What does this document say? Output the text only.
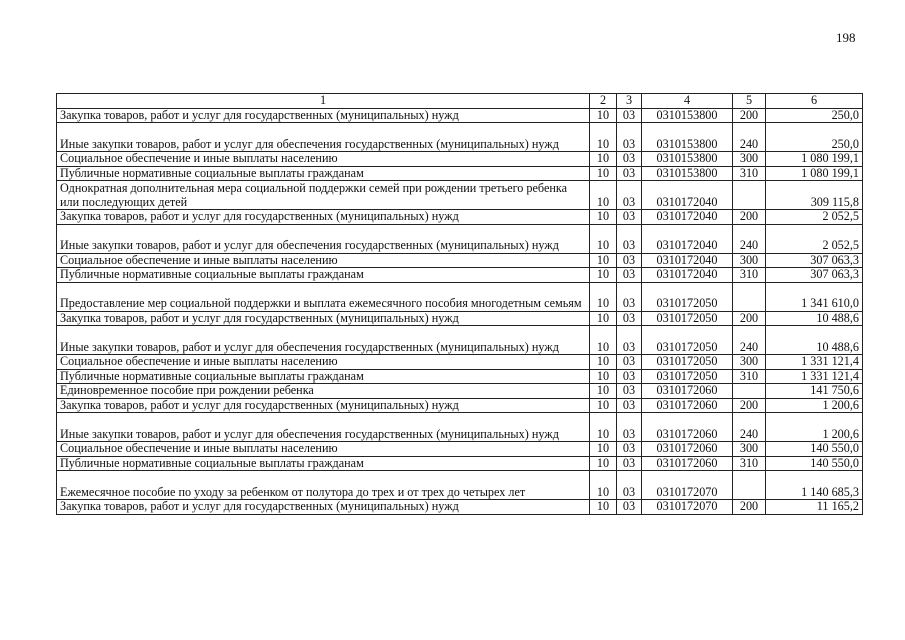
198
1	2	3	4	5	6
Закупка товаров, работ и услуг для государственных (муниципальных) нужд	10	03	0310153800	200	250,0
Иные закупки товаров, работ и услуг для обеспечения государственных (муниципальных) нужд	10	03	0310153800	240	250,0
Социальное обеспечение и иные выплаты населению	10	03	0310153800	300	1 080 199,1
Публичные нормативные социальные выплаты гражданам	10	03	0310153800	310	1 080 199,1
Однократная дополнительная мера социальной поддержки семей при рождении третьего ребенка или последующих детей	10	03	0310172040		309 115,8
Закупка товаров, работ и услуг для государственных (муниципальных) нужд	10	03	0310172040	200	2 052,5
Иные закупки товаров, работ и услуг для обеспечения государственных (муниципальных) нужд	10	03	0310172040	240	2 052,5
Социальное обеспечение и иные выплаты населению	10	03	0310172040	300	307 063,3
Публичные нормативные социальные выплаты гражданам	10	03	0310172040	310	307 063,3
Предоставление мер социальной поддержки и выплата ежемесячного пособия многодетным семьям	10	03	0310172050		1 341 610,0
Закупка товаров, работ и услуг для государственных (муниципальных) нужд	10	03	0310172050	200	10 488,6
Иные закупки товаров, работ и услуг для обеспечения государственных (муниципальных) нужд	10	03	0310172050	240	10 488,6
Социальное обеспечение и иные выплаты населению	10	03	0310172050	300	1 331 121,4
Публичные нормативные социальные выплаты гражданам	10	03	0310172050	310	1 331 121,4
Единовременное пособие при рождении ребенка	10	03	0310172060		141 750,6
Закупка товаров, работ и услуг для государственных (муниципальных) нужд	10	03	0310172060	200	1 200,6
Иные закупки товаров, работ и услуг для обеспечения государственных (муниципальных) нужд	10	03	0310172060	240	1 200,6
Социальное обеспечение и иные выплаты населению	10	03	0310172060	300	140 550,0
Публичные нормативные социальные выплаты гражданам	10	03	0310172060	310	140 550,0
Ежемесячное пособие по уходу за ребенком от полутора до трех и от трех до четырех лет	10	03	0310172070		1 140 685,3
Закупка товаров, работ и услуг для государственных (муниципальных) нужд	10	03	0310172070	200	11 165,2
